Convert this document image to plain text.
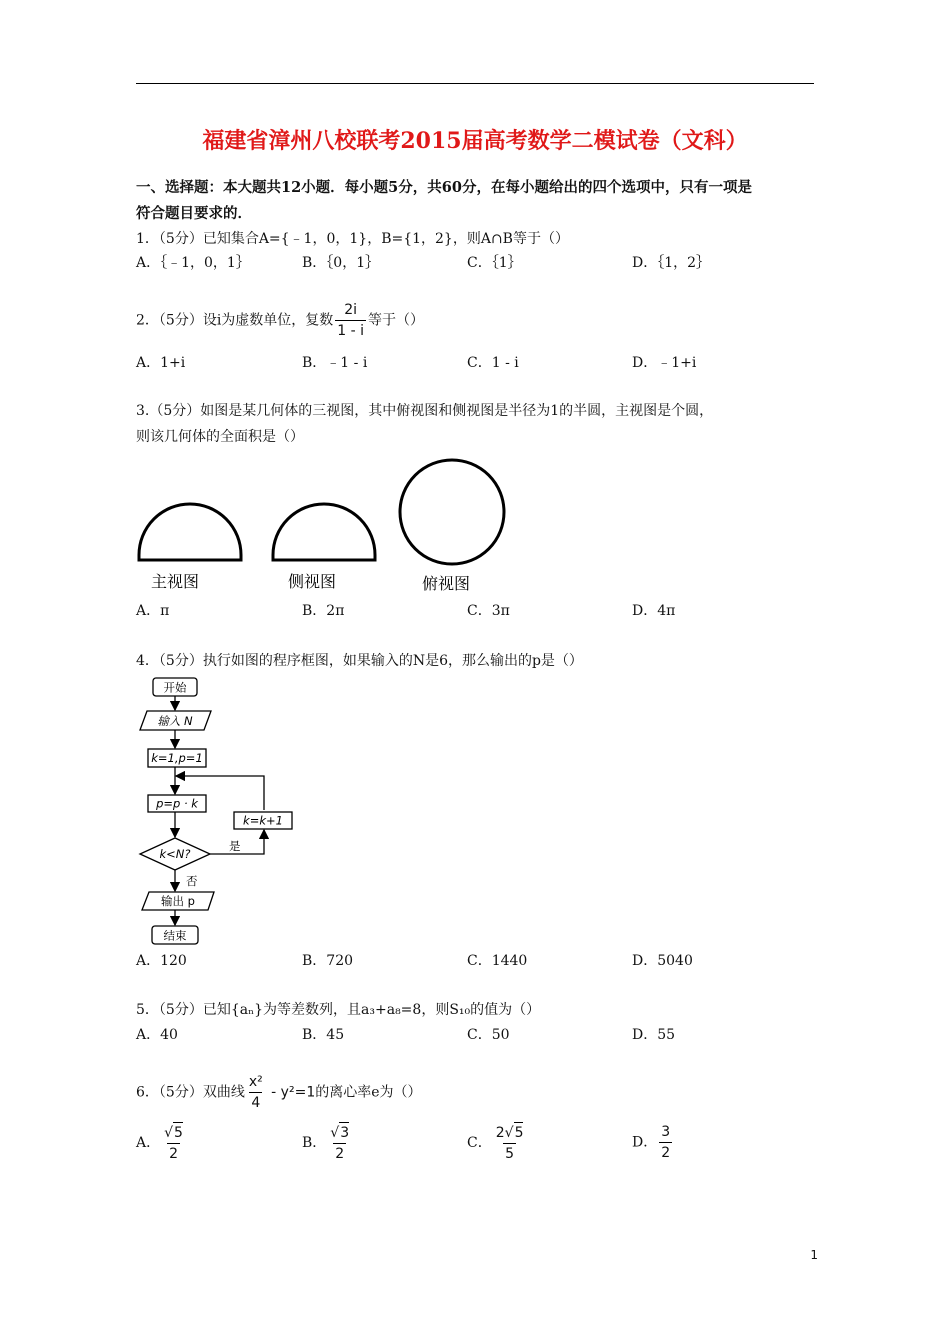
福建省漳州八校联考2015届高考数学二模试卷（文科）
一、选择题：本大题共12小题．每小题5分，共60分，在每小题给出的四个选项中，只有一项是
符合题目要求的．
1．（5分）已知集合A={﹣1，0，1}，B={1，2}，则A∩B等于（）
A．｛﹣1，0，1｝	B．｛0，1｝	C．｛1｝	D．｛1，2｝
2．（5分）设i为虚数单位，复数 $\frac{2i}{1 - i}$ 等于（）
A．1+i	B．﹣1 - i	C．1 - i	D．﹣1+i
3.（5分）如图是某几何体的三视图，其中俯视图和侧视图是半径为1的半圆，主视图是个圆，
则该几何体的全面积是（）
主视图	侧视图	俯视图
A．π	B．2π	C．3π	D．4π
4．（5分）执行如图的程序框图，如果输入的N是6，那么输出的p是（）
开始
输入 N
k=1,p=1
p=p · k
k=k+1
k<N?
是
否
输出 p
结束
A．120	B．720	C．1440	D．5040
5．（5分）已知{aₙ}为等差数列，且a₃+a₈=8，则S₁₀的值为（）
A．40	B．45	C．50	D．55
6．（5分）双曲线 $\frac{\text{x²}}{4} - y^2=1$的离心率e为（）
A． $\frac{√5}{2}$	B． $\frac{√3}{2}$	C． $\frac{2√5}{5}$	D． $\frac{3}{2}$
1
